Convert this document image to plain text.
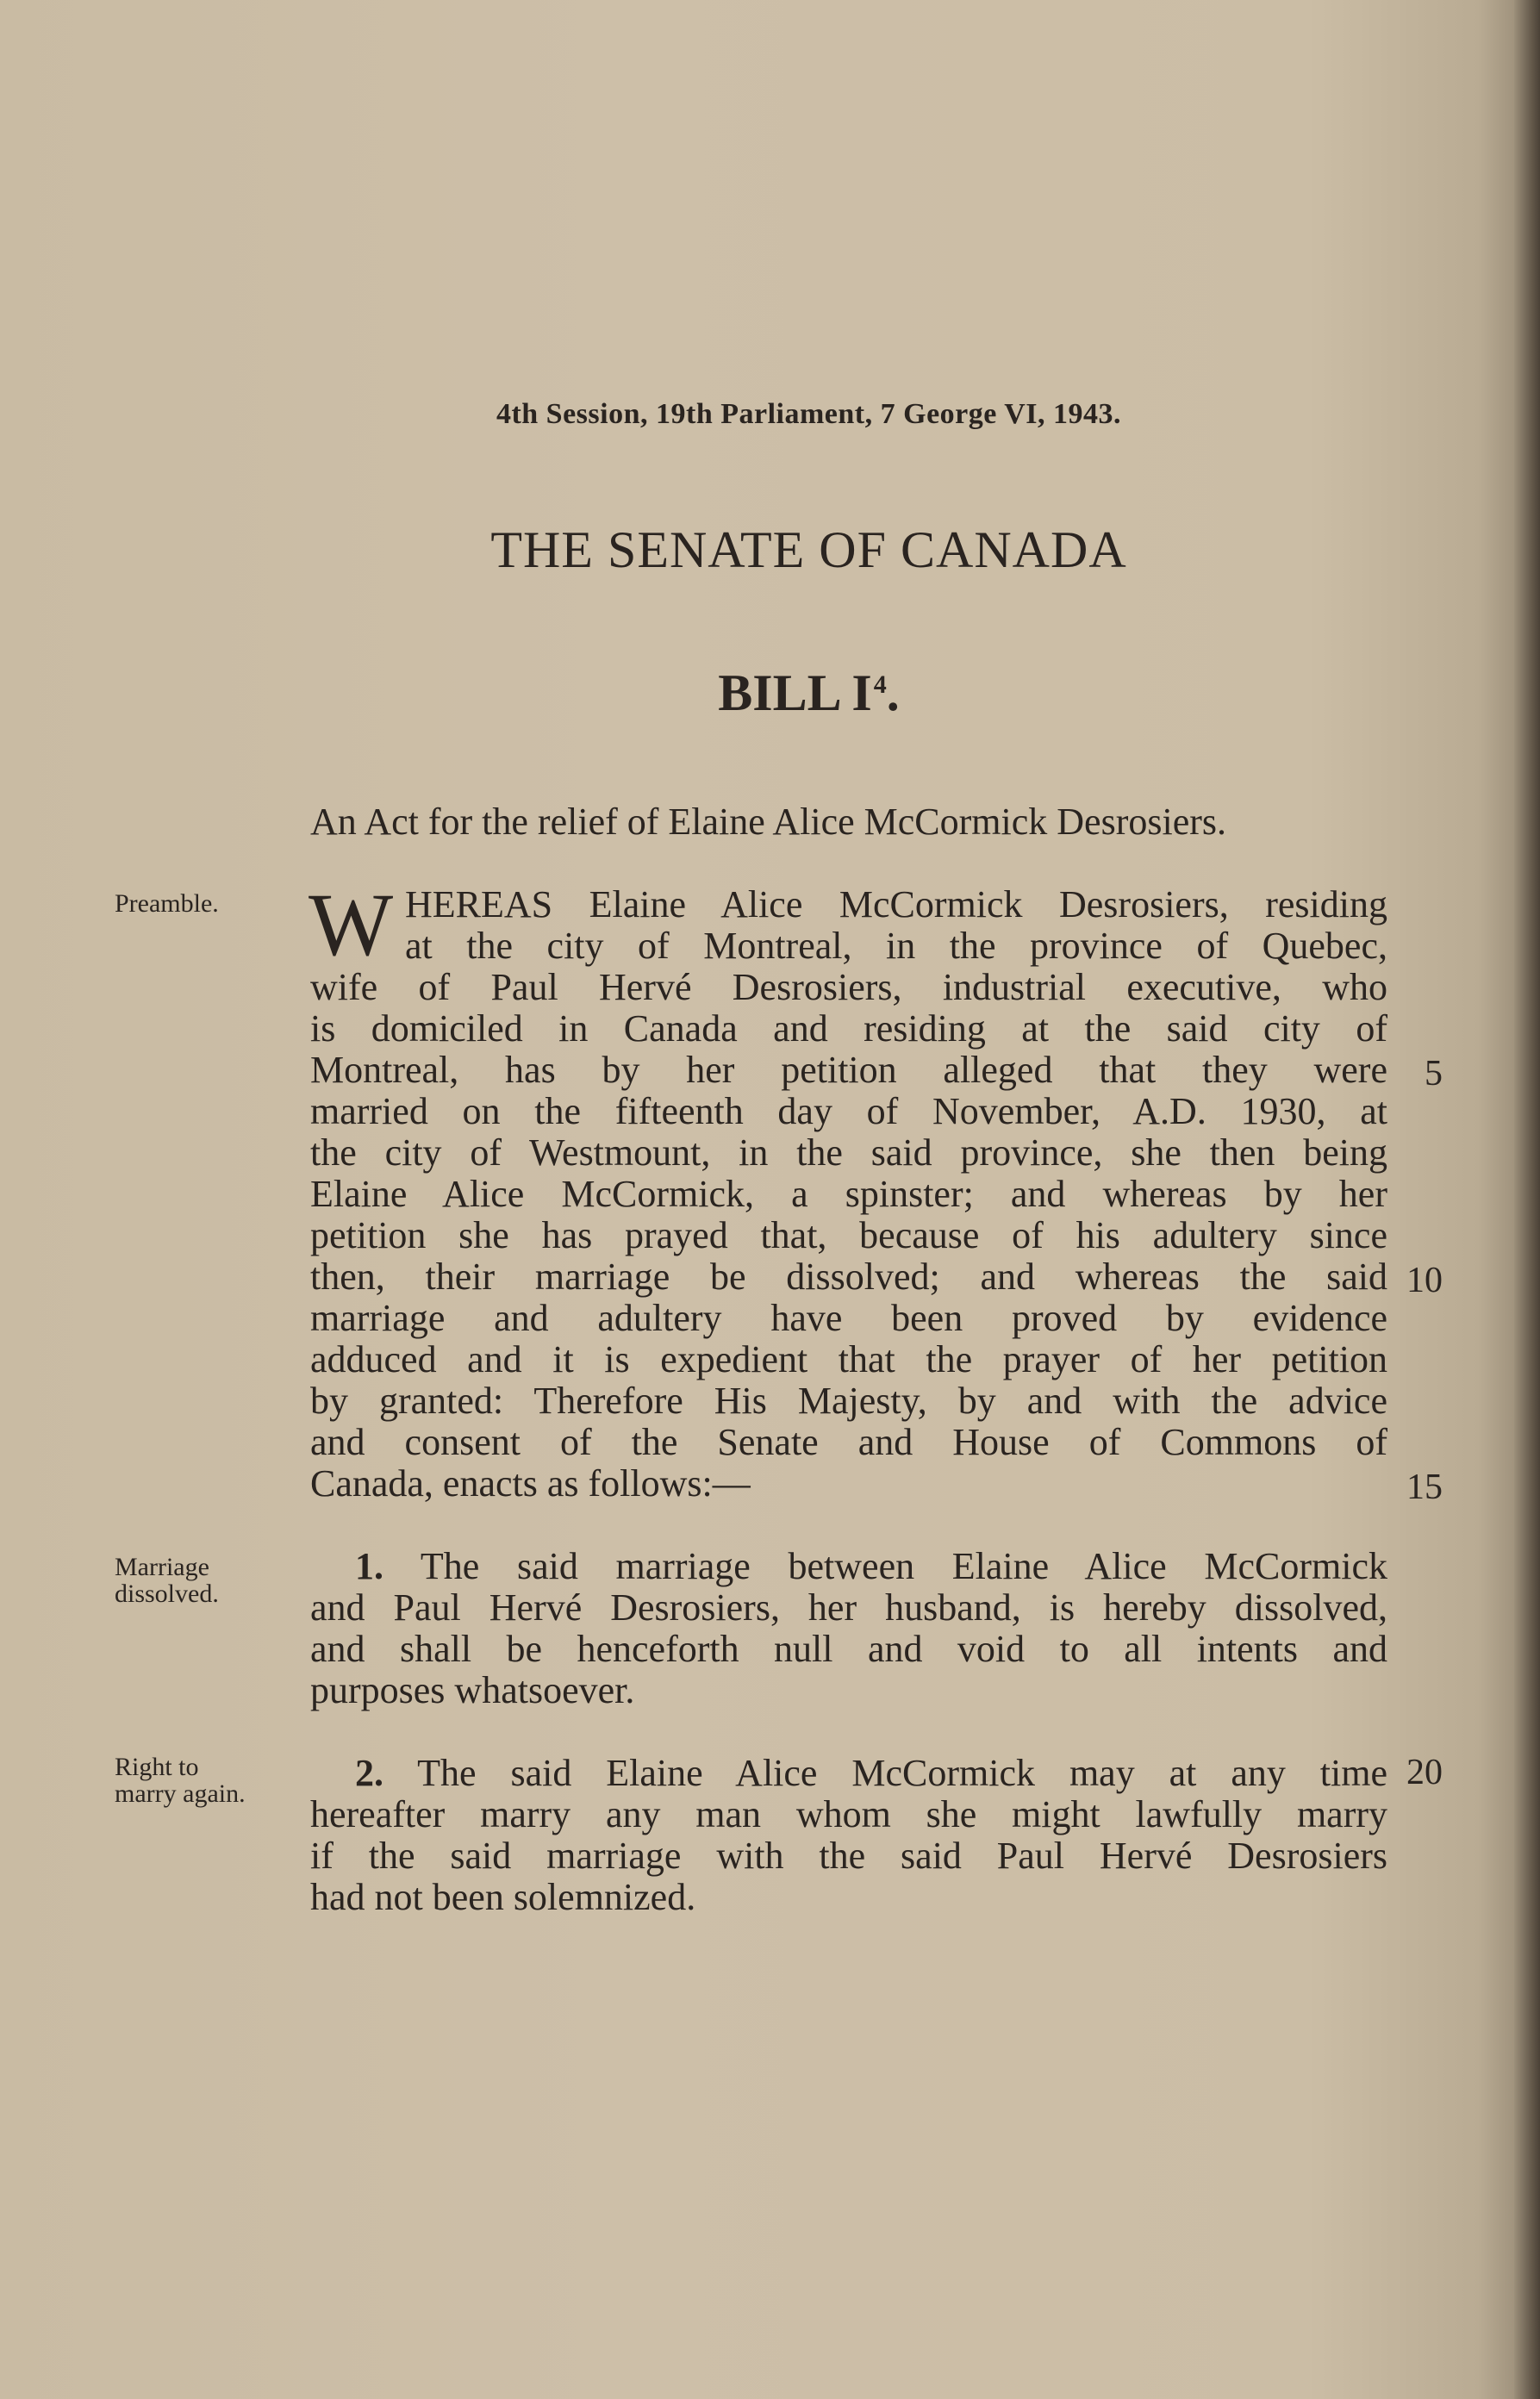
4th Session, 19th Parliament, 7 George VI, 1943.
THE SENATE OF CANADA
BILL $I^4$.
An Act for the relief of Elaine Alice McCormick Desrosiers.
Preamble.
Marriage
dissolved.
Right to
marry again.
W HEREAS Elaine Alice McCormick Desrosiers, residing
at the city of Montreal, in the province of Quebec,
wife of Paul Hervé Desrosiers, industrial executive, who
is domiciled in Canada and residing at the said city of
Montreal, has by her petition alleged that they were
married on the fifteenth day of November, A.D. 1930, at
the city of Westmount, in the said province, she then being
Elaine Alice McCormick, a spinster; and whereas by her
petition she has prayed that, because of his adultery since
then, their marriage be dissolved; and whereas the said
marriage and adultery have been proved by evidence
adduced and it is expedient that the prayer of her petition
by granted: Therefore His Majesty, by and with the advice
and consent of the Senate and House of Commons of
Canada, enacts as follows:—
1. The said marriage between Elaine Alice McCormick
and Paul Hervé Desrosiers, her husband, is hereby dissolved,
and shall be henceforth null and void to all intents and
purposes whatsoever.
2. The said Elaine Alice McCormick may at any time
hereafter marry any man whom she might lawfully marry
if the said marriage with the said Paul Hervé Desrosiers
had not been solemnized.
5
10
15
20
